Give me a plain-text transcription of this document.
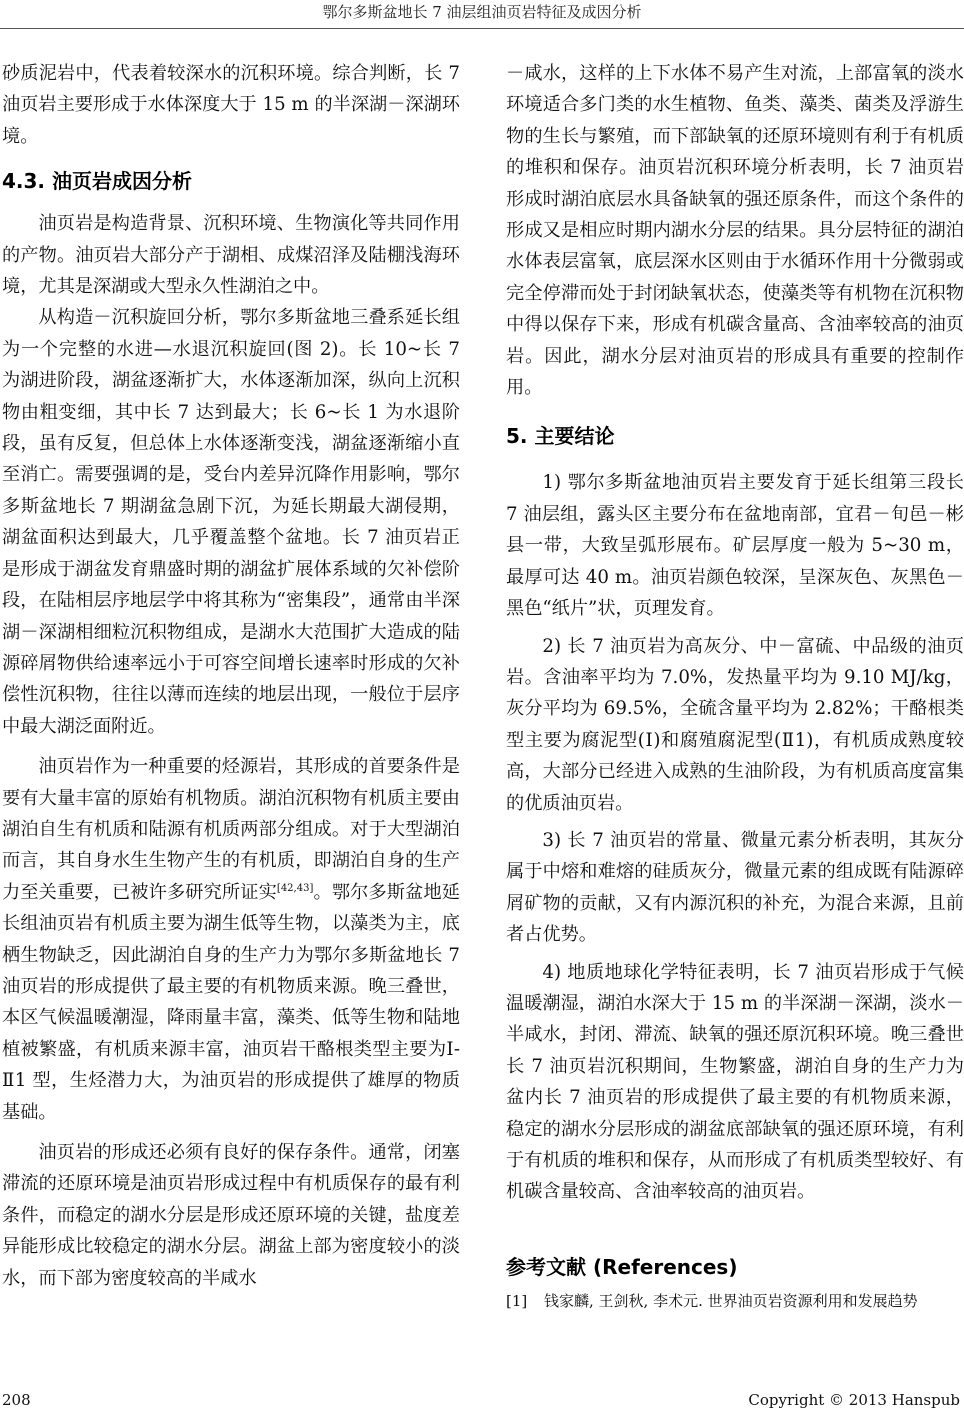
鄂尔多斯盆地长 7 油层组油页岩特征及成因分析

砂质泥岩中，代表着较深水的沉积环境。综合判断，长 7 油页岩主要形成于水体深度大于 15 m 的半深湖－深湖环境。

4.3. 油页岩成因分析

油页岩是构造背景、沉积环境、生物演化等共同作用的产物。油页岩大部分产于湖相、成煤沼泽及陆棚浅海环境，尤其是深湖或大型永久性湖泊之中。

从构造－沉积旋回分析，鄂尔多斯盆地三叠系延长组为一个完整的水进—水退沉积旋回(图 2)。长 10~长 7 为湖进阶段，湖盆逐渐扩大，水体逐渐加深，纵向上沉积物由粗变细，其中长 7 达到最大；长 6~长 1 为水退阶段，虽有反复，但总体上水体逐渐变浅，湖盆逐渐缩小直至消亡。需要强调的是，受台内差异沉降作用影响，鄂尔多斯盆地长 7 期湖盆急剧下沉，为延长期最大湖侵期，湖盆面积达到最大，几乎覆盖整个盆地。长 7 油页岩正是形成于湖盆发育鼎盛时期的湖盆扩展体系域的欠补偿阶段，在陆相层序地层学中将其称为“密集段”，通常由半深湖－深湖相细粒沉积物组成，是湖水大范围扩大造成的陆源碎屑物供给速率远小于可容空间增长速率时形成的欠补偿性沉积物，往往以薄而连续的地层出现，一般位于层序中最大湖泛面附近。

油页岩作为一种重要的烃源岩，其形成的首要条件是要有大量丰富的原始有机物质。湖泊沉积物有机质主要由湖泊自生有机质和陆源有机质两部分组成。对于大型湖泊而言，其自身水生生物产生的有机质，即湖泊自身的生产力至关重要，已被许多研究所证实[42,43]。鄂尔多斯盆地延长组油页岩有机质主要为湖生低等生物，以藻类为主，底栖生物缺乏，因此湖泊自身的生产力为鄂尔多斯盆地长 7 油页岩的形成提供了最主要的有机物质来源。晚三叠世，本区气候温暖潮湿，降雨量丰富，藻类、低等生物和陆地植被繁盛，有机质来源丰富，油页岩干酪根类型主要为Ⅰ-Ⅱ1 型，生烃潜力大，为油页岩的形成提供了雄厚的物质基础。

油页岩的形成还必须有良好的保存条件。通常，闭塞滞流的还原环境是油页岩形成过程中有机质保存的最有利条件，而稳定的湖水分层是形成还原环境的关键，盐度差异能形成比较稳定的湖水分层。湖盆上部为密度较小的淡水，而下部为密度较高的半咸水

－咸水，这样的上下水体不易产生对流，上部富氧的淡水环境适合多门类的水生植物、鱼类、藻类、菌类及浮游生物的生长与繁殖，而下部缺氧的还原环境则有利于有机质的堆积和保存。油页岩沉积环境分析表明，长 7 油页岩形成时湖泊底层水具备缺氧的强还原条件，而这个条件的形成又是相应时期内湖水分层的结果。具分层特征的湖泊水体表层富氧，底层深水区则由于水循环作用十分微弱或完全停滞而处于封闭缺氧状态，使藻类等有机物在沉积物中得以保存下来，形成有机碳含量高、含油率较高的油页岩。因此，湖水分层对油页岩的形成具有重要的控制作用。

5. 主要结论

1) 鄂尔多斯盆地油页岩主要发育于延长组第三段长 7 油层组，露头区主要分布在盆地南部，宜君－旬邑－彬县一带，大致呈弧形展布。矿层厚度一般为 5~30 m，最厚可达 40 m。油页岩颜色较深，呈深灰色、灰黑色－黑色“纸片”状，页理发育。

2) 长 7 油页岩为高灰分、中－富硫、中品级的油页岩。含油率平均为 7.0%，发热量平均为 9.10 MJ/kg，灰分平均为 69.5%，全硫含量平均为 2.82%；干酪根类型主要为腐泥型(Ⅰ)和腐殖腐泥型(Ⅱ1)，有机质成熟度较高，大部分已经进入成熟的生油阶段，为有机质高度富集的优质油页岩。

3) 长 7 油页岩的常量、微量元素分析表明，其灰分属于中熔和难熔的硅质灰分，微量元素的组成既有陆源碎屑矿物的贡献，又有内源沉积的补充，为混合来源，且前者占优势。

4) 地质地球化学特征表明，长 7 油页岩形成于气候温暖潮湿，湖泊水深大于 15 m 的半深湖－深湖，淡水－半咸水，封闭、滞流、缺氧的强还原沉积环境。晚三叠世长 7 油页岩沉积期间，生物繁盛，湖泊自身的生产力为盆内长 7 油页岩的形成提供了最主要的有机物质来源，稳定的湖水分层形成的湖盆底部缺氧的强还原环境，有利于有机质的堆积和保存，从而形成了有机质类型较好、有机碳含量较高、含油率较高的油页岩。

参考文献 (References)
[1]	钱家麟, 王剑秋, 李术元. 世界油页岩资源利用和发展趋势
208	Copyright © 2013 Hanspub
